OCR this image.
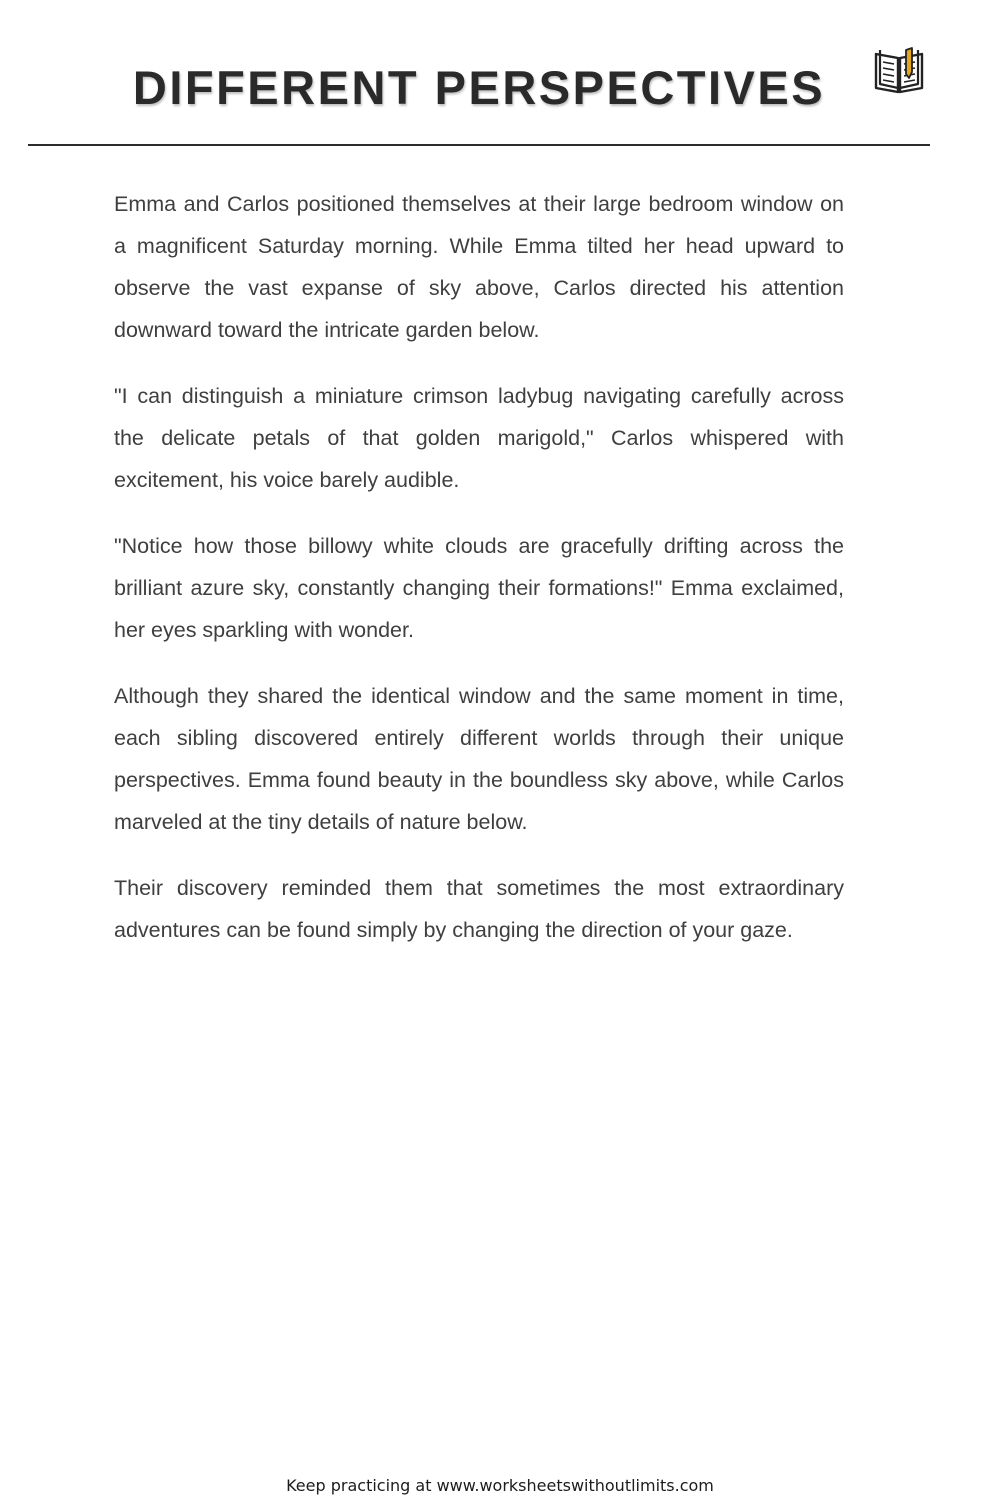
DIFFERENT PERSPECTIVES

Emma and Carlos positioned themselves at their large bedroom window on a magnificent Saturday morning. While Emma tilted her head upward to observe the vast expanse of sky above, Carlos directed his attention downward toward the intricate garden below.

"I can distinguish a miniature crimson ladybug navigating carefully across the delicate petals of that golden marigold," Carlos whispered with excitement, his voice barely audible.

"Notice how those billowy white clouds are gracefully drifting across the brilliant azure sky, constantly changing their formations!" Emma exclaimed, her eyes sparkling with wonder.

Although they shared the identical window and the same moment in time, each sibling discovered entirely different worlds through their unique perspectives. Emma found beauty in the boundless sky above, while Carlos marveled at the tiny details of nature below.

Their discovery reminded them that sometimes the most extraordinary adventures can be found simply by changing the direction of your gaze.

Keep practicing at www.worksheetswithoutlimits.com
